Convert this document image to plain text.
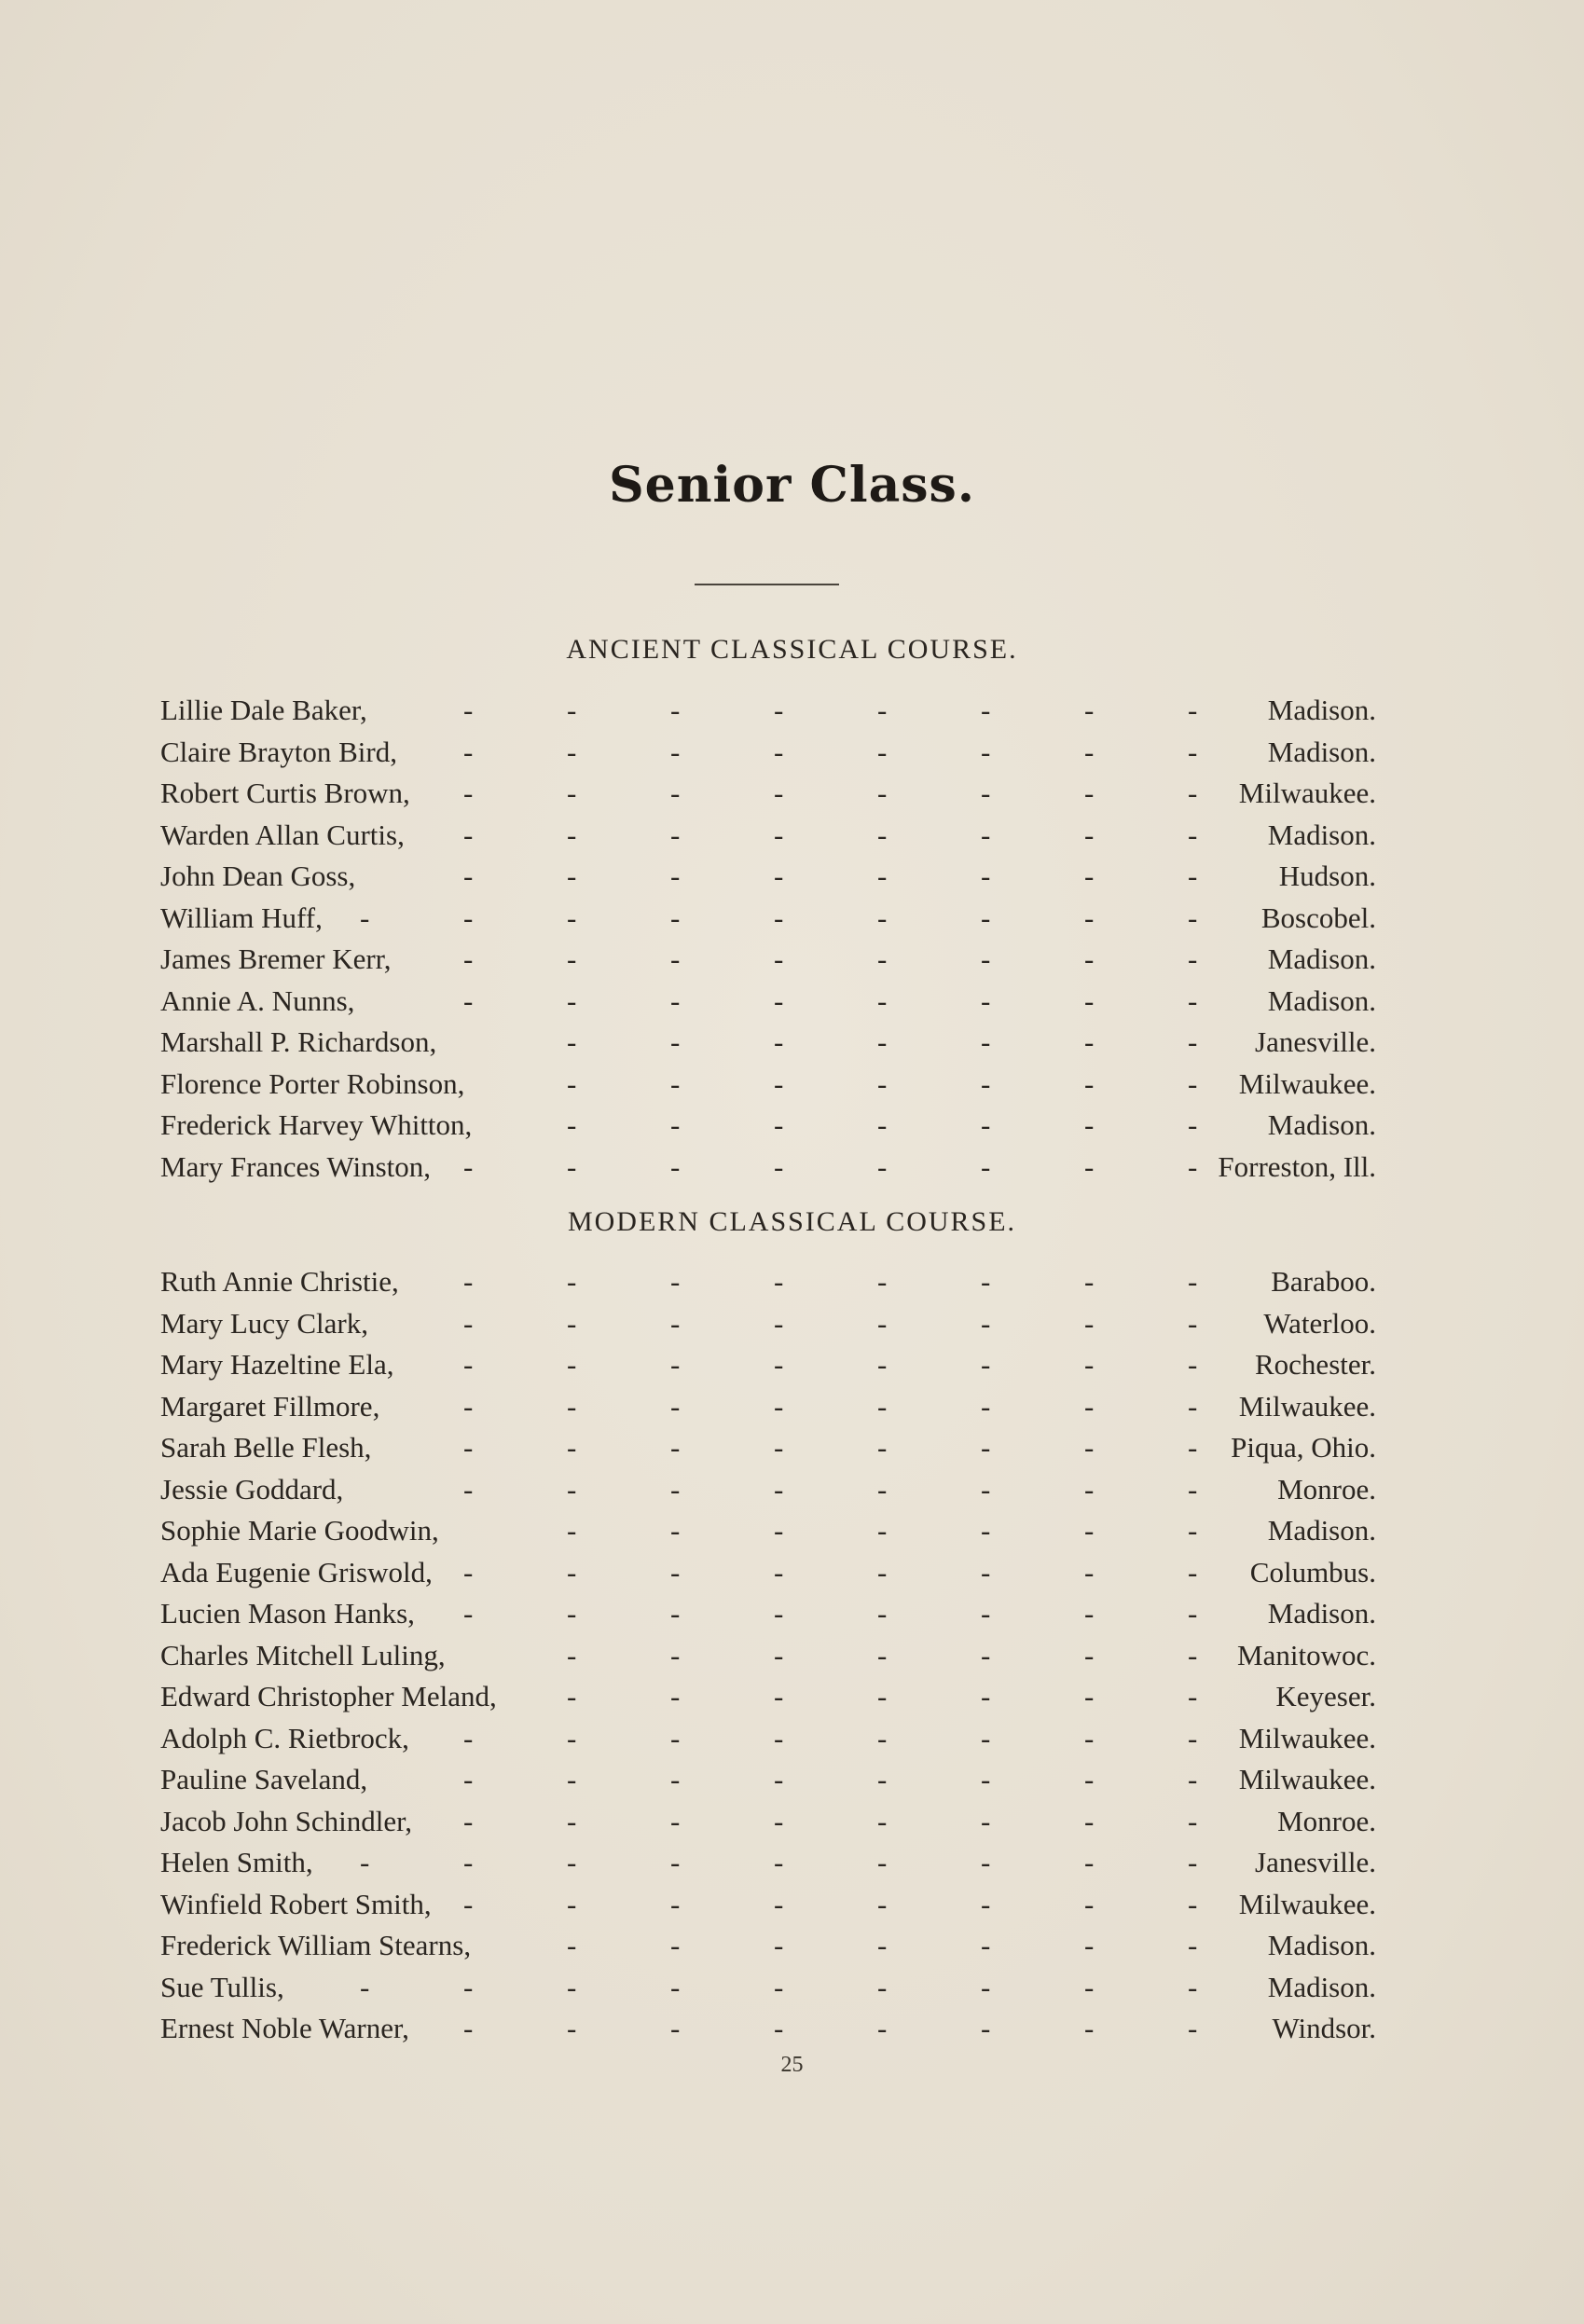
Senior Class.
ANCIENT CLASSICAL COURSE.
Lillie Dale Baker,	-	-	-	-	-	-	-	- Madison.
Claire Brayton Bird, -	-	-	-	-	-	-	- Madison.
Robert Curtis Brown, -	-	-	-	-	-	-	- Milwaukee.
Warden Allan Curtis, -	-	-	-	-	-	-	- Madison.
John Dean Goss,	-	-	-	-	-	-	-	-	Hudson.
William Huff, -	-	-	-	-	-	-	-	- Boscobel.
James Bremer Kerr, -	-	-	-	-	-	-	- Madison.
Annie A. Nunns,	-	-	-	-	-	-	-	- Madison.
Marshall P. Richardson,	-	-	-	-	-	-	- Janesville.
Florence Porter Robinson,	-	-	-	-	-	-	- Milwaukee.
Frederick Harvey Whitton,	-	-	-	-	-	-	- Madison.
Mary Frances Winston, -	-	-	-	-	-	-	- Forreston, Ill.
MODERN CLASSICAL COURSE.
Ruth Annie Christie, -	-	-	-	-	-	-	-	Baraboo.
Mary Lucy Clark,	-	-	-	-	-	-	-	- Waterloo.
Mary Hazeltine Ela, -	-	-	-	-	-	-	- Rochester.
Margaret Fillmore,	-	-	-	-	-	-	-	- Milwaukee.
Sarah Belle Flesh,	-	-	-	-	-	-	-	- Piqua, Ohio.
Jessie Goddard,	-	-	-	-	-	-	-	-	Monroe.
Sophie Marie Goodwin,	-	-	-	-	-	-	- Madison.
Ada Eugenie Griswold, -	-	-	-	-	-	-	- Columbus.
Lucien Mason Hanks, -	-	-	-	-	-	-	- Madison.
Charles Mitchell Luling,	-	-	-	-	-	-	- Manitowoc.
Edward Christopher Meland, -	-	-	-	-	-	-	Keyeser.
Adolph C. Rietbrock, -	-	-	-	-	-	-	- Milwaukee.
Pauline Saveland,	-	-	-	-	-	-	-	- Milwaukee.
Jacob John Schindler, -	-	-	-	-	-	-	-	Monroe.
Helen Smith, -	-	-	-	-	-	-	-	- Janesville.
Winfield Robert Smith, -	-	-	-	-	-	-	- Milwaukee.
Frederick William Stearns,	-	-	-	-	-	-	- Madison.
Sue Tullis,	-	-	-	-	-	-	-	-	- Madison.
Ernest Noble Warner, -	-	-	-	-	-	-	-	Windsor.
25
